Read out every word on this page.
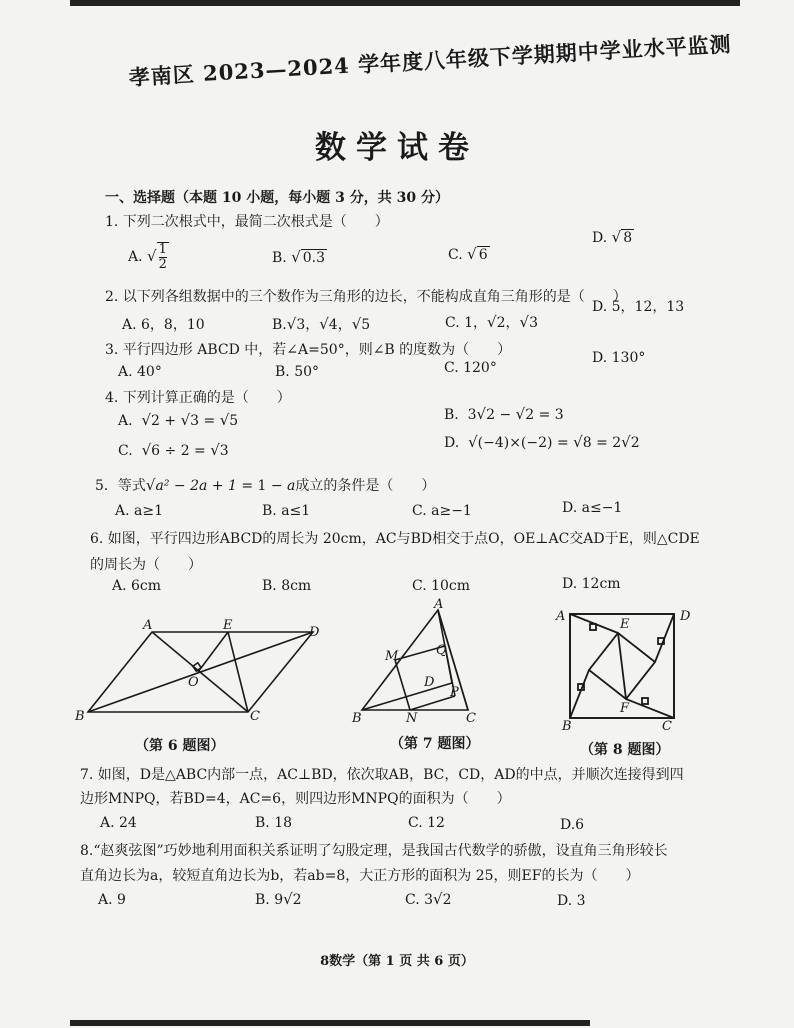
孝南区 2023—2024 学年度八年级下学期期中学业水平监测
数学试卷
一、选择题（本题 10 小题，每小题 3 分，共 30 分）
1. 下列二次根式中，最简二次根式是（　　）
A. √ $\frac{1}{2}$	B. √ 0.3	C. √ 6
D. √ 8
2. 以下列各组数据中的三个数作为三角形的边长，不能构成直角三角形的是（　　）
A. 6，8，10	B.√3，√4，√5	C. 1，√2，√3
D. 5，12，13
3. 平行四边形 ABCD 中，若∠A=50°，则∠B 的度数为（　　）
A. 40°	B. 50°	C. 120°
D. 130°
4. 下列计算正确的是（　　）
A.  √2 + √3 = √5	B.  3√2 − √2 = 3
C.  √6 ÷ 2 = √3	D.  √(−4)×(−2) = √8 = 2√2
5．等式√a² − 2a + 1 = 1 − a成立的条件是（　　）
A. a≥1	B. a≤1	C. a≥−1	D. a≤−1
6. 如图，平行四边形ABCD的周长为 20cm，AC与BD相交于点O，OE⊥AC交AD于E，则△CDE
的周长为（　　）
A. 6cm	B. 8cm	C. 10cm	D. 12cm
A	E	D
B	C
O
A
M	Q
D
P
B	N	C
A	D
E
F
B	C
（第 6 题图）	（第 7 题图）	（第 8 题图）
7. 如图，D是△ABC内部一点，AC⊥BD，依次取AB，BC，CD，AD的中点，并顺次连接得到四
边形MNPQ，若BD=4，AC=6，则四边形MNPQ的面积为（　　）
A. 24	B. 18	C. 12	D.6
8.“赵爽弦图”巧妙地利用面积关系证明了勾股定理，是我国古代数学的骄傲，设直角三角形较长
直角边长为a，较短直角边长为b，若ab=8，大正方形的面积为 25，则EF的长为（　　）
A. 9	B. 9√2	C. 3√2	D. 3
8数学（第 1 页 共 6 页）
